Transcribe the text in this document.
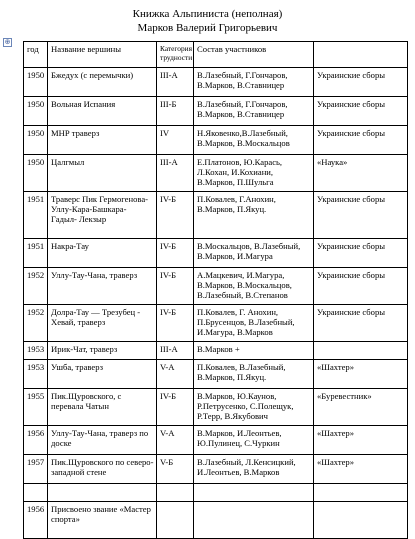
Книжка Альпиниста (неполная)
Марков Валерий Григорьевич
⊕
год	Название вершины	Категория трудности	Состав участников	
1950	Бжедух (с перемычки)	III-А	В.Лазебный, Г.Гончаров, В.Марков, В.Ставницер	Украинские сборы
1950	Вольная Испания	III-Б	В.Лазебный, Г.Гончаров, В.Марков, В.Ставницер	Украинские сборы
1950	МНР траверз	IV	Н.Яковенко,В.Лазебный, В.Марков, В.Москальцов	Украинские сборы
1950	Цалгмыл	III-А	Е.Платонов, Ю.Карась, Л.Кохан, И.Кохиани, В.Марков, П.Шульга	«Наука»
1951	Траверс Пик Гермогенова- Уллу-Кара-Башкара- Гадыл- Лекзыр	IV-Б	П.Ковалев, Г.Анохин, В.Марков, П.Якуц.	Украинские сборы
1951	Накра-Тау	IV-Б	В.Москальцов, В.Лазебный, В.Марков, И.Магура	Украинские сборы
1952	Уллу-Тау-Чана, траверз	IV-Б	А.Мацкевич, И.Магура, В.Марков, В.Москальцов, В.Лазебный, В.Степанов	Украинские сборы
1952	Долра-Тау — Трезубец - Хевай, траверз	IV-Б	П.Ковалев, Г. Анохин, П.Брусенцов, В.Лазебный, И.Магура, В.Марков	Украинские сборы
1953	Ирик-Чат, траверз	III-А	В.Марков +	
1953	Ушба, траверз	V-А	П.Ковалев, В.Лазебный, В.Марков, П.Якуц.	«Шахтер»
1955	Пик.Щуровского, с перевала Чатын	IV-Б	В.Марков, Ю.Каунов, Р.Петрусенко, С.Полещук, Р.Терр, В.Якубович	«Буревестник»
1956	Уллу-Тау-Чана, траверз по доске	V-А	В.Марков, И.Леонтьев, Ю.Пулинец, С.Чуркин	«Шахтер»
1957	Пик.Щуровского по северо-западной стене	V-Б	В.Лазебный, Л.Кенсицкий, И.Леонтьев, В.Марков	«Шахтер»

1956	Присвоено звание «Мастер спорта»			
